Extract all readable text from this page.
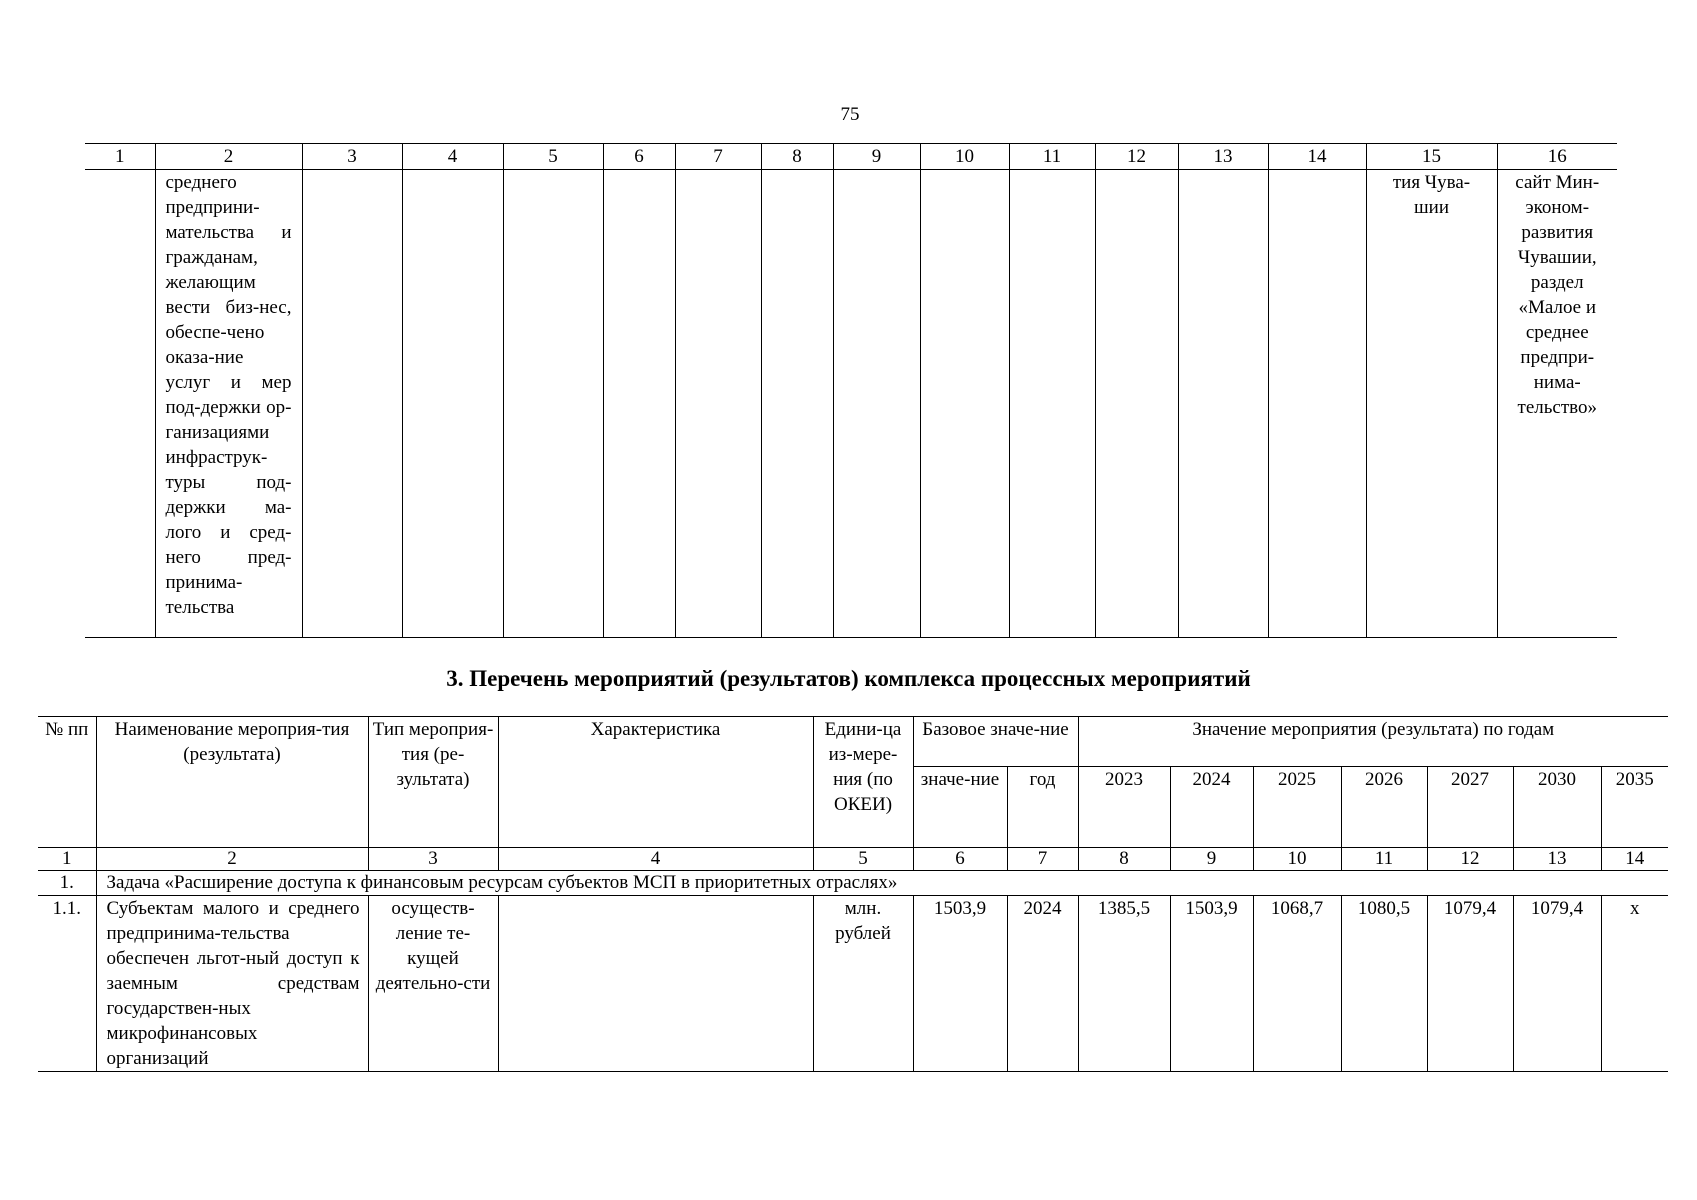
75
1	2	3	4	5	6	7	8	9	10	11	12	13	14	15	16
	среднего предприни-мательства и гражданам, желающим вести биз-нес, обеспе-чено оказа-ние услуг и мер под-держки ор-ганизациями инфраструк-туры под-держки ма-лого и сред-него пред-принима-тельства													тия Чува-шии	сайт Мин-эконом-развития Чувашии, раздел «Малое и среднее предпри-нима-тельство»
3. Перечень мероприятий (результатов) комплекса процессных мероприятий
№ пп	Наименование мероприя-тия (результата)	Тип мероприя-тия (ре-зультата)	Характеристика	Едини-ца из-мере-ния (по ОКЕИ)	Базовое значе-ние		Значение мероприятия (результата) по годам						
					значе-ние	год	2023	2024	2025	2026	2027	2030	2035
1	2	3	4	5	6	7	8	9	10	11	12	13	14
1.	Задача «Расширение доступа к финансовым ресурсам субъектов МСП в приоритетных отраслях»												
1.1.	Субъектам малого и среднего предпринима-тельства обеспечен льгот-ный доступ к заемным средствам государствен-ных микрофинансовых организаций	осуществ-ление те-кущей деятельно-сти		млн. рублей	1503,9	2024	1385,5	1503,9	1068,7	1080,5	1079,4	1079,4	х
